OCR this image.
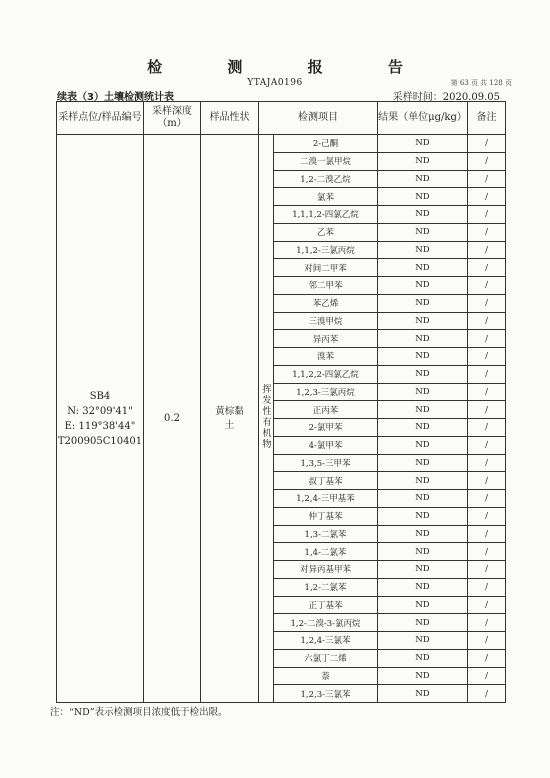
检 测 报 告
YTAJA0196	第 63 页 共 128 页
续表（3）土壤检测统计表	采样时间：2020.09.05
采样点位/样品编号	采样深度（m）	样品性状	检测项目		结果（单位μg/kg）	备注

SB4
N: 32°09'41"
E: 119°38'44"
T200905C10401	0.2	黄棕黏土	挥发性有机物	2-己酮	ND	/
				二溴一氯甲烷	ND	/
				1,2-二溴乙烷	ND	/
				氯苯	ND	/
				1,1,1,2-四氯乙烷	ND	/
				乙苯	ND	/
				1,1,2-三氯丙烷	ND	/
				对间二甲苯	ND	/
				邻二甲苯	ND	/
				苯乙烯	ND	/
				三溴甲烷	ND	/
				异丙苯	ND	/
				溴苯	ND	/
				1,1,2,2-四氯乙烷	ND	/
				1,2,3-三氯丙烷	ND	/
				正丙苯	ND	/
				2-氯甲苯	ND	/
				4-氯甲苯	ND	/
				1,3,5-三甲苯	ND	/
				叔丁基苯	ND	/
				1,2,4-三甲基苯	ND	/
				仲丁基苯	ND	/
				1,3-二氯苯	ND	/
				1,4-二氯苯	ND	/
				对异丙基甲苯	ND	/
				1,2-二氯苯	ND	/
				正丁基苯	ND	/
				1,2-二溴-3-氯丙烷	ND	/
				1,2,4-三氯苯	ND	/
				六氯丁二烯	ND	/
				萘	ND	/
				1,2,3-三氯苯	ND	/
注：“ND”表示检测项目浓度低于检出限。
